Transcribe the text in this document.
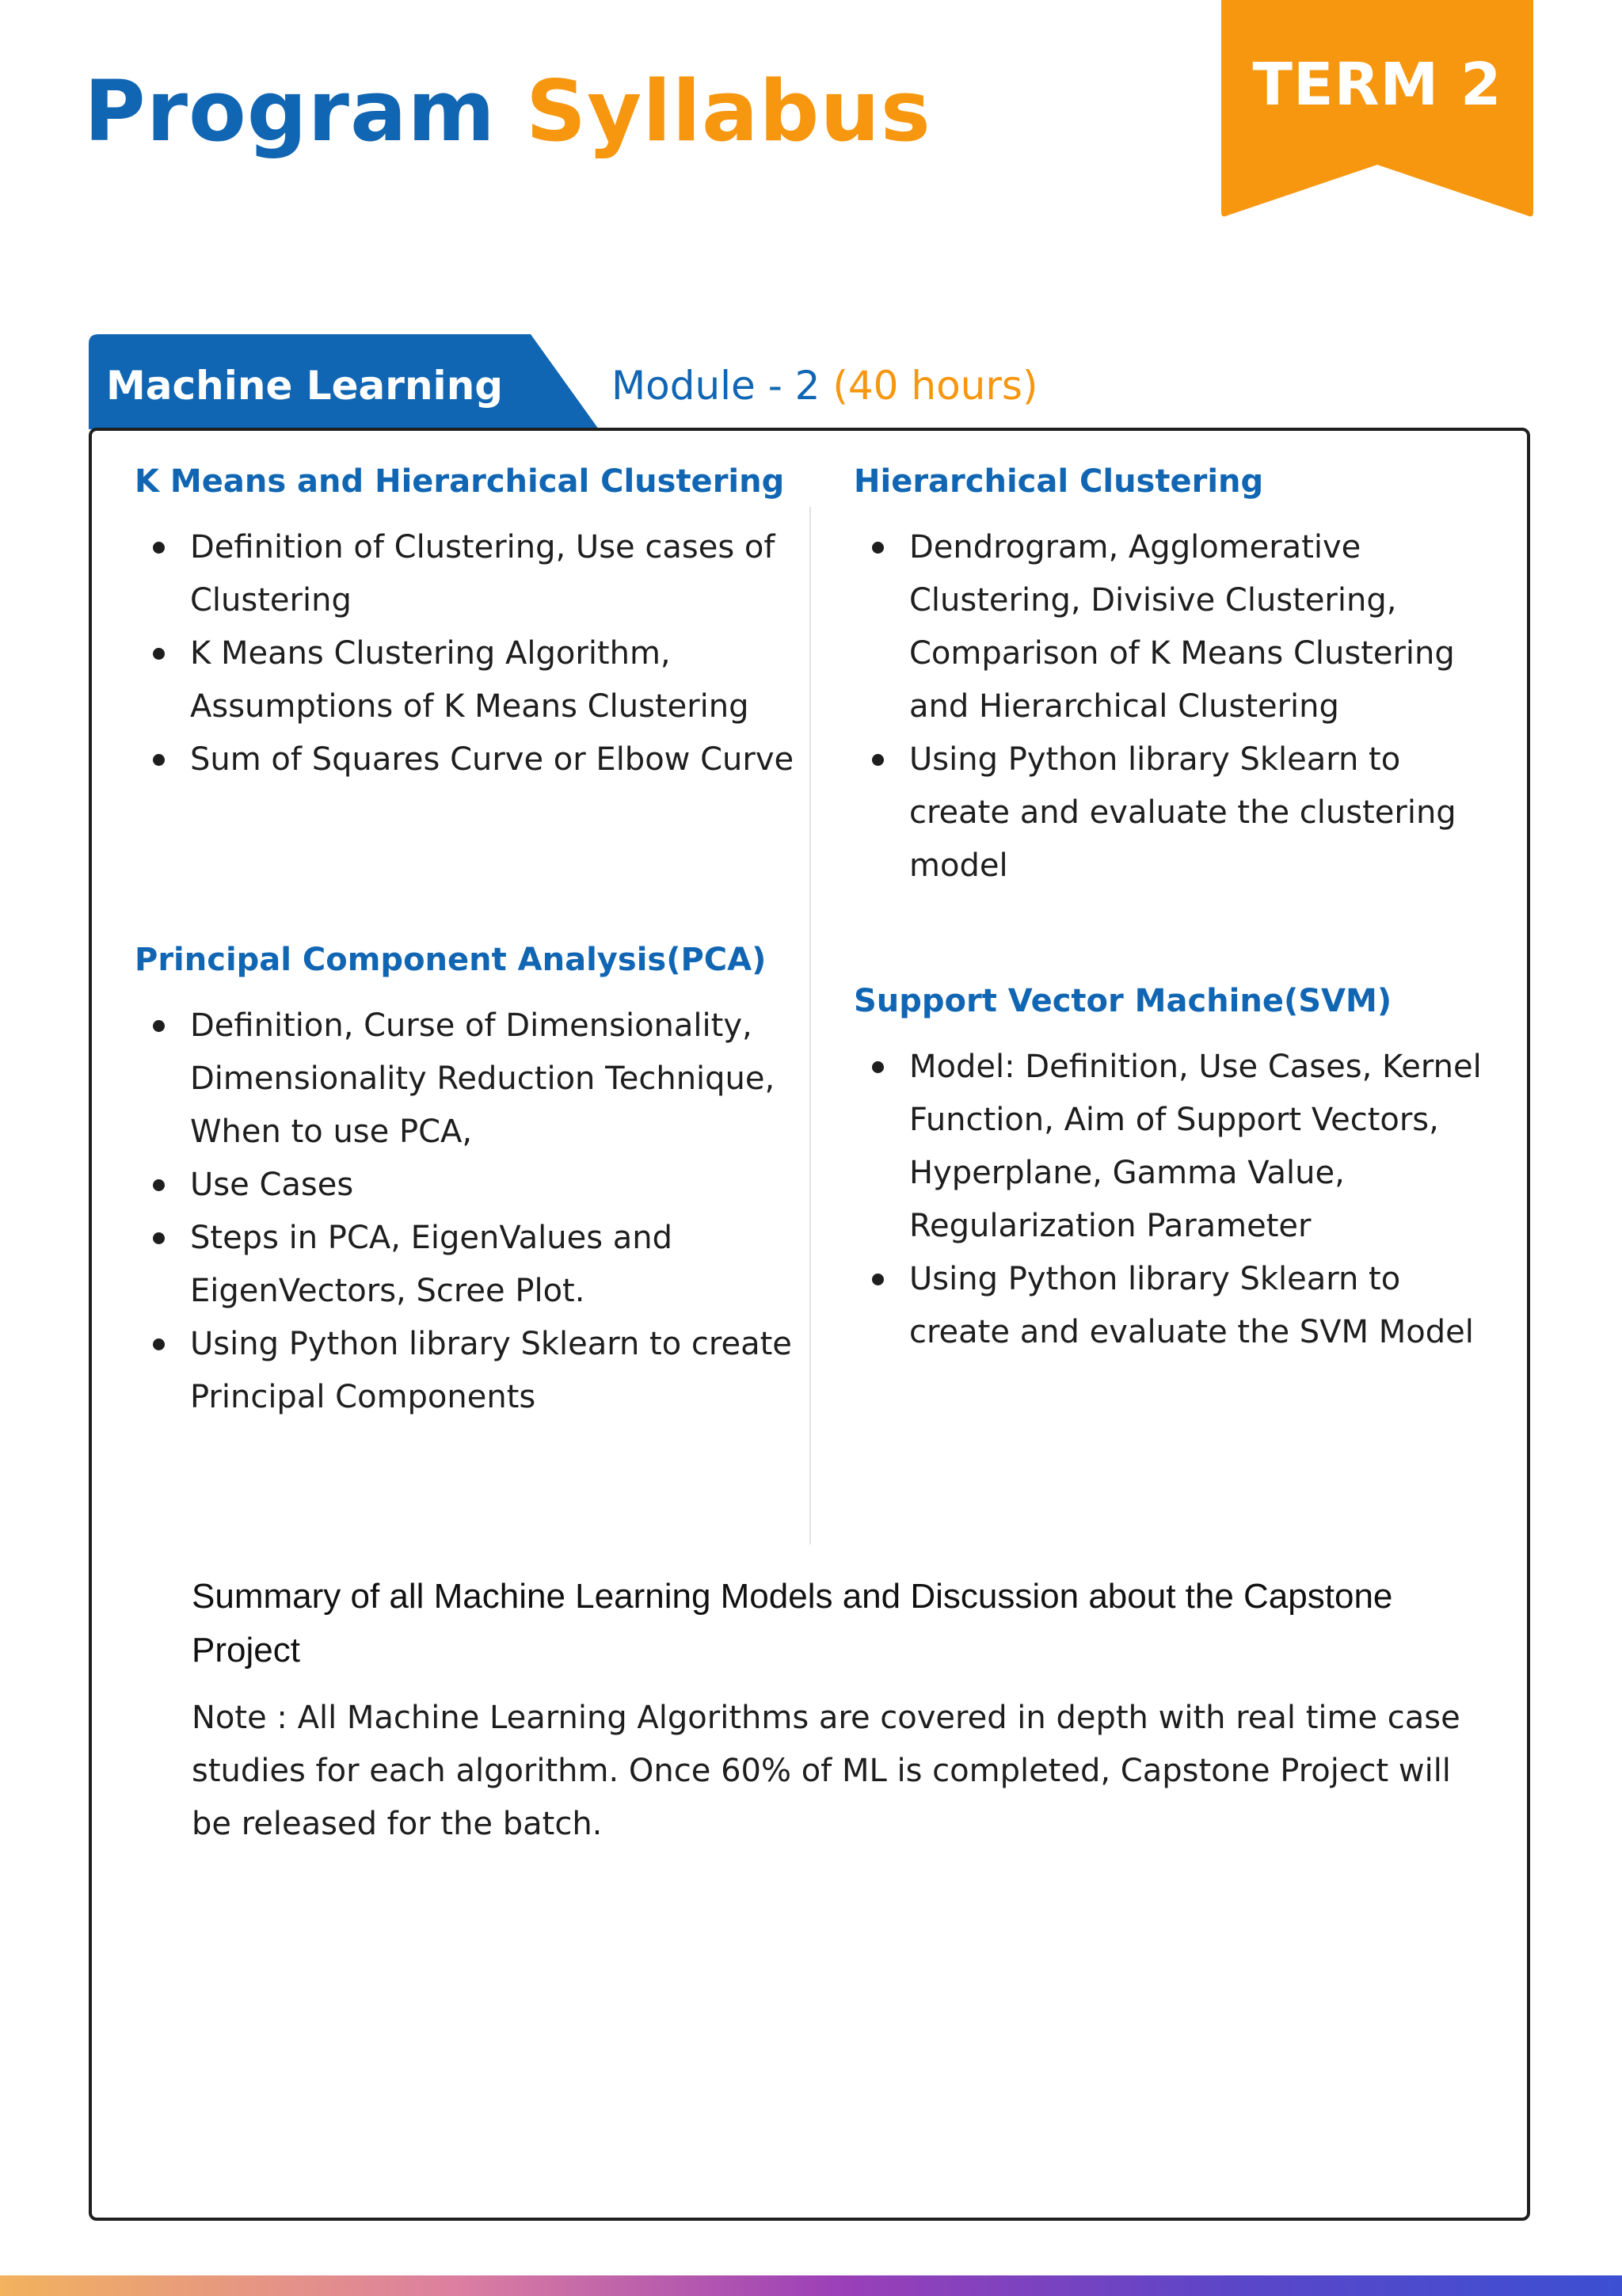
Program Syllabus	TERM 2
Machine Learning	Module - 2 (40 hours)
K Means and Hierarchical Clustering
Definition of Clustering, Use cases of Clustering
K Means Clustering Algorithm, Assumptions of K Means Clustering
Sum of Squares Curve or Elbow Curve
Hierarchical Clustering
Dendrogram, Agglomerative Clustering, Divisive Clustering, Comparison of K Means Clustering and Hierarchical Clustering
Using Python library Sklearn to create and evaluate the clustering model
Principal Component Analysis(PCA)
Definition, Curse of Dimensionality, Dimensionality Reduction Technique, When to use PCA,
Use Cases
Steps in PCA, EigenValues and EigenVectors, Scree Plot.
Using Python library Sklearn to create Principal Components
Support Vector Machine(SVM)
Model: Definition, Use Cases, Kernel Function, Aim of Support Vectors, Hyperplane, Gamma Value, Regularization Parameter
Using Python library Sklearn to create and evaluate the SVM Model

Summary of all Machine Learning Models and Discussion about the Capstone Project

Note : All Machine Learning Algorithms are covered in depth with real time case studies for each algorithm. Once 60% of ML is completed, Capstone Project will be released for the batch.
